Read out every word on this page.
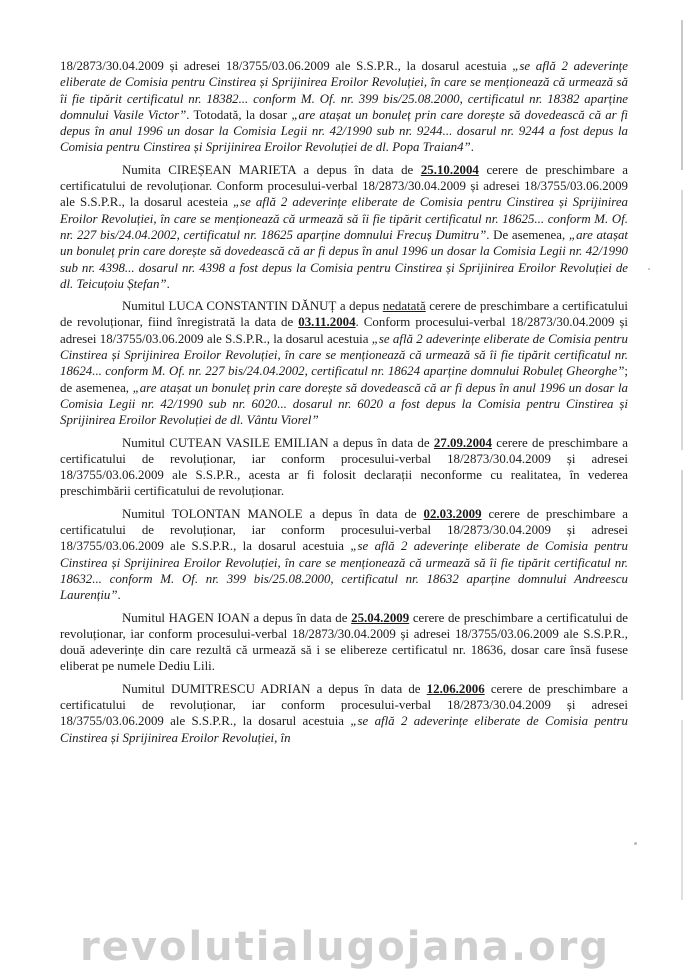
18/2873/30.04.2009 și adresei 18/3755/03.06.2009 ale S.S.P.R., la dosarul acestuia „se află 2 adeverințe eliberate de Comisia pentru Cinstirea și Sprijinirea Eroilor Revoluției, în care se menționează că urmează să îi fie tipărit certificatul nr. 18382... conform M. Of. nr. 399 bis/25.08.2000, certificatul nr. 18382 aparține domnului Vasile Victor”. Totodată, la dosar „are atașat un bonuleț prin care dorește să dovedească că ar fi depus în anul 1996 un dosar la Comisia Legii nr. 42/1990 sub nr. 9244... dosarul nr. 9244 a fost depus la Comisia pentru Cinstirea și Sprijinirea Eroilor Revoluției de dl. Popa Traian4”.

Numita CIREȘEAN MARIETA a depus în data de 25.10.2004 cerere de preschimbare a certificatului de revoluționar. Conform procesului-verbal 18/2873/30.04.2009 și adresei 18/3755/03.06.2009 ale S.S.P.R., la dosarul acesteia „se află 2 adeverințe eliberate de Comisia pentru Cinstirea și Sprijinirea Eroilor Revoluției, în care se menționează că urmează să îi fie tipărit certificatul nr. 18625... conform M. Of. nr. 227 bis/24.04.2002, certificatul nr. 18625 aparține domnului Frecuș Dumitru”. De asemenea, „are atașat un bonuleț prin care dorește să dovedească că ar fi depus în anul 1996 un dosar la Comisia Legii nr. 42/1990 sub nr. 4398... dosarul nr. 4398 a fost depus la Comisia pentru Cinstirea și Sprijinirea Eroilor Revoluției de dl. Teicuțoiu Ștefan”.

Numitul LUCA CONSTANTIN DĂNUȚ a depus nedatată cerere de preschimbare a certificatului de revoluționar, fiind înregistrată la data de 03.11.2004. Conform procesului-verbal 18/2873/30.04.2009 și adresei 18/3755/03.06.2009 ale S.S.P.R., la dosarul acestuia „se află 2 adeverințe eliberate de Comisia pentru Cinstirea și Sprijinirea Eroilor Revoluției, în care se menționează că urmează să îi fie tipărit certificatul nr. 18624... conform M. Of. nr. 227 bis/24.04.2002, certificatul nr. 18624 aparține domnului Robuleț Gheorghe”; de asemenea, „are atașat un bonuleț prin care dorește să dovedească că ar fi depus în anul 1996 un dosar la Comisia Legii nr. 42/1990 sub nr. 6020... dosarul nr. 6020 a fost depus la Comisia pentru Cinstirea și Sprijinirea Eroilor Revoluției de dl. Vântu Viorel”

Numitul CUTEAN VASILE EMILIAN a depus în data de 27.09.2004 cerere de preschimbare a certificatului de revoluționar, iar conform procesului-verbal 18/2873/30.04.2009 și adresei 18/3755/03.06.2009 ale S.S.P.R., acesta ar fi folosit declarații neconforme cu realitatea, în vederea preschimbării certificatului de revoluționar.

Numitul TOLONTAN MANOLE a depus în data de 02.03.2009 cerere de preschimbare a certificatului de revoluționar, iar conform procesului-verbal 18/2873/30.04.2009 și adresei 18/3755/03.06.2009 ale S.S.P.R., la dosarul acestuia „se află 2 adeverințe eliberate de Comisia pentru Cinstirea și Sprijinirea Eroilor Revoluției, în care se menționează că urmează să îi fie tipărit certificatul nr. 18632... conform M. Of. nr. 399 bis/25.08.2000, certificatul nr. 18632 aparține domnului Andreescu Laurențiu”.

Numitul HAGEN IOAN a depus în data de 25.04.2009 cerere de preschimbare a certificatului de revoluționar, iar conform procesului-verbal 18/2873/30.04.2009 și adresei 18/3755/03.06.2009 ale S.S.P.R., două adeverințe din care rezultă că urmează să i se elibereze certificatul nr. 18636, dosar care însă fusese eliberat pe numele Dediu Lili.

Numitul DUMITRESCU ADRIAN a depus în data de 12.06.2006 cerere de preschimbare a certificatului de revoluționar, iar conform procesului-verbal 18/2873/30.04.2009 și adresei 18/3755/03.06.2009 ale S.S.P.R., la dosarul acestuia „se află 2 adeverințe eliberate de Comisia pentru Cinstirea și Sprijinirea Eroilor Revoluției, în

revolutialugojana.org
